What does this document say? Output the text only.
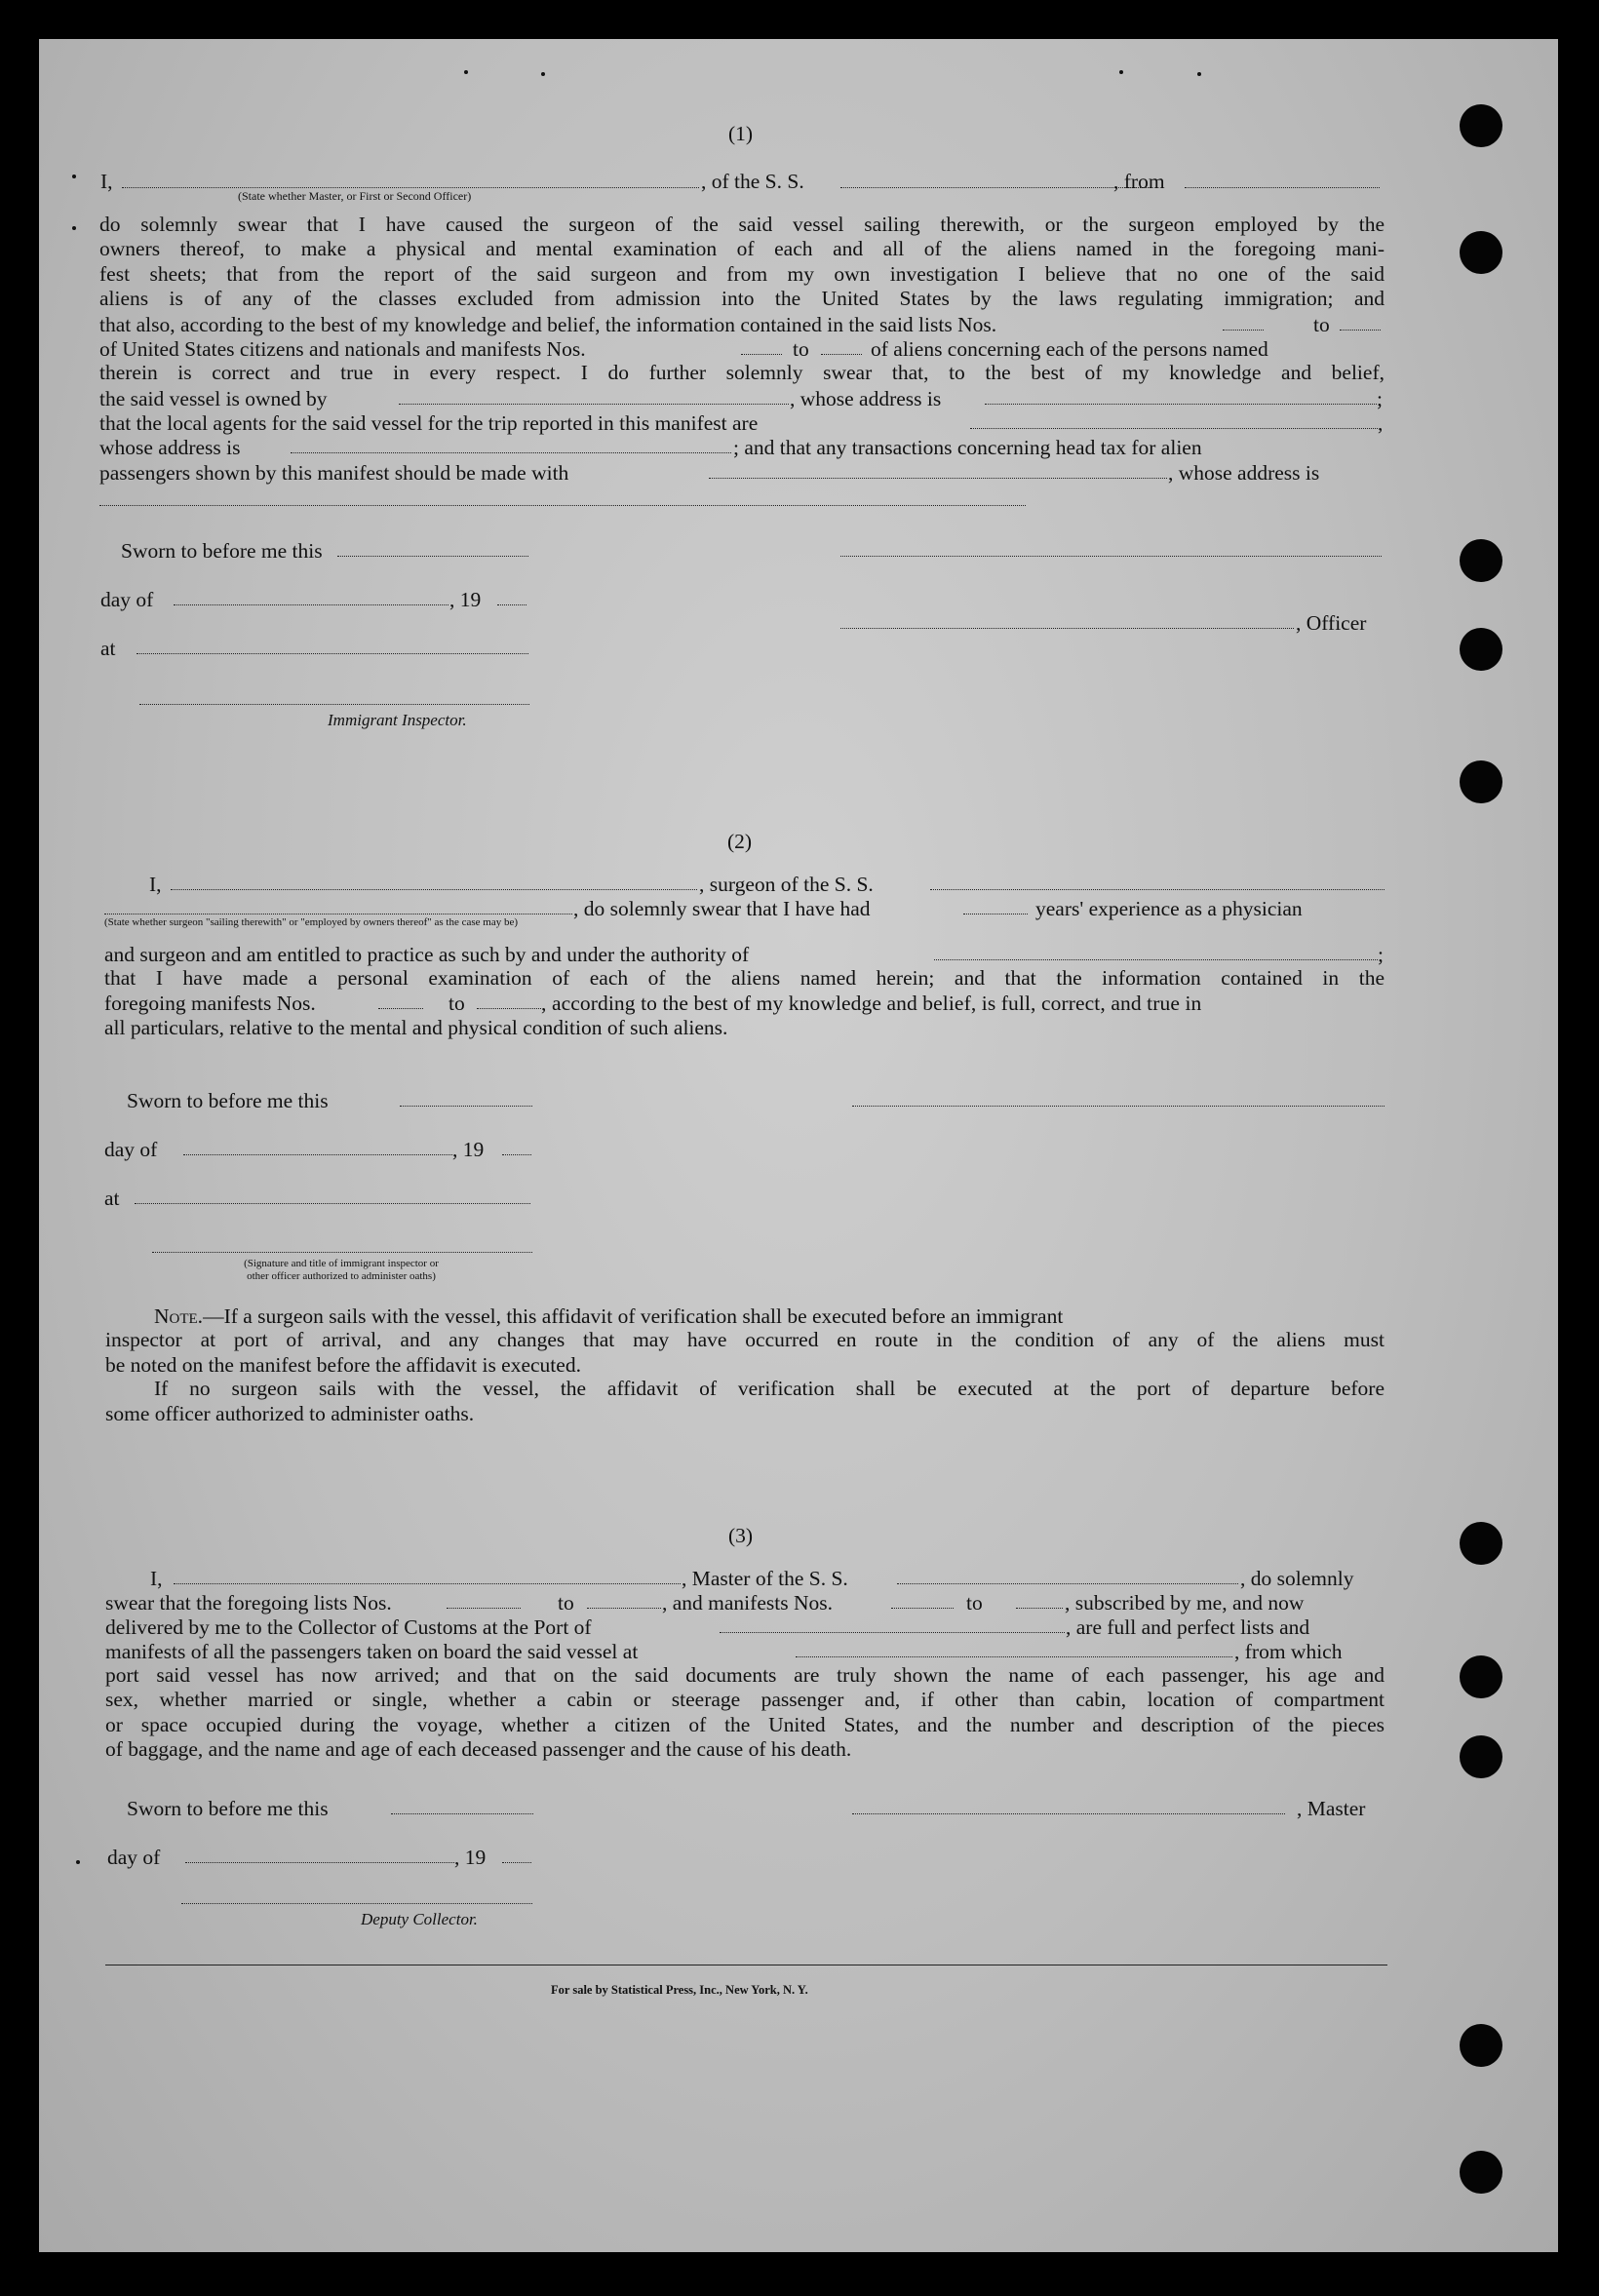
(1)
I,	, of the S. S.	, from
(State whether Master, or First or Second Officer)
do solemnly swear that I have caused the surgeon of the said vessel sailing therewith, or the surgeon employed by the
owners thereof, to make a physical and mental examination of each and all of the aliens named in the foregoing mani-
fest sheets; that from the report of the said surgeon and from my own investigation I believe that no one of the said
aliens is of any of the classes excluded from admission into the United States by the laws regulating immigration; and
that also, according to the best of my knowledge and belief, the information contained in the said lists Nos.	to
of United States citizens and nationals and manifests Nos.	to	of aliens concerning each of the persons named
therein is correct and true in every respect. I do further solemnly swear that, to the best of my knowledge and belief,
the said vessel is owned by	, whose address is	;
that the local agents for the said vessel for the trip reported in this manifest are	,
whose address is	; and that any transactions concerning head tax for alien
passengers shown by this manifest should be made with	, whose address is
Sworn to before me this
day of	, 19
at
, Officer
Immigrant Inspector.
(2)
I,	, surgeon of the S. S.
, do solemnly swear that I have had	years' experience as a physician
(State whether surgeon "sailing therewith" or "employed by owners thereof" as the case may be)
and surgeon and am entitled to practice as such by and under the authority of	;
that I have made a personal examination of each of the aliens named herein; and that the information contained in the
foregoing manifests Nos.	to	, according to the best of my knowledge and belief, is full, correct, and true in
all particulars, relative to the mental and physical condition of such aliens.
Sworn to before me this
day of	, 19
at
(Signature and title of immigrant inspector or
other officer authorized to administer oaths)
Note.—If a surgeon sails with the vessel, this affidavit of verification shall be executed before an immigrant
inspector at port of arrival, and any changes that may have occurred en route in the condition of any of the aliens must
be noted on the manifest before the affidavit is executed.
If no surgeon sails with the vessel, the affidavit of verification shall be executed at the port of departure before
some officer authorized to administer oaths.
(3)
I,	, Master of the S. S.	, do solemnly
swear that the foregoing lists Nos.	to	, and manifests Nos.	to	, subscribed by me, and now
delivered by me to the Collector of Customs at the Port of	, are full and perfect lists and
manifests of all the passengers taken on board the said vessel at	, from which
port said vessel has now arrived; and that on the said documents are truly shown the name of each passenger, his age and
sex, whether married or single, whether a cabin or steerage passenger and, if other than cabin, location of compartment
or space occupied during the voyage, whether a citizen of the United States, and the number and description of the pieces
of baggage, and the name and age of each deceased passenger and the cause of his death.
Sworn to before me this	, Master
day of	, 19
Deputy Collector.
For sale by Statistical Press, Inc., New York, N. Y.
